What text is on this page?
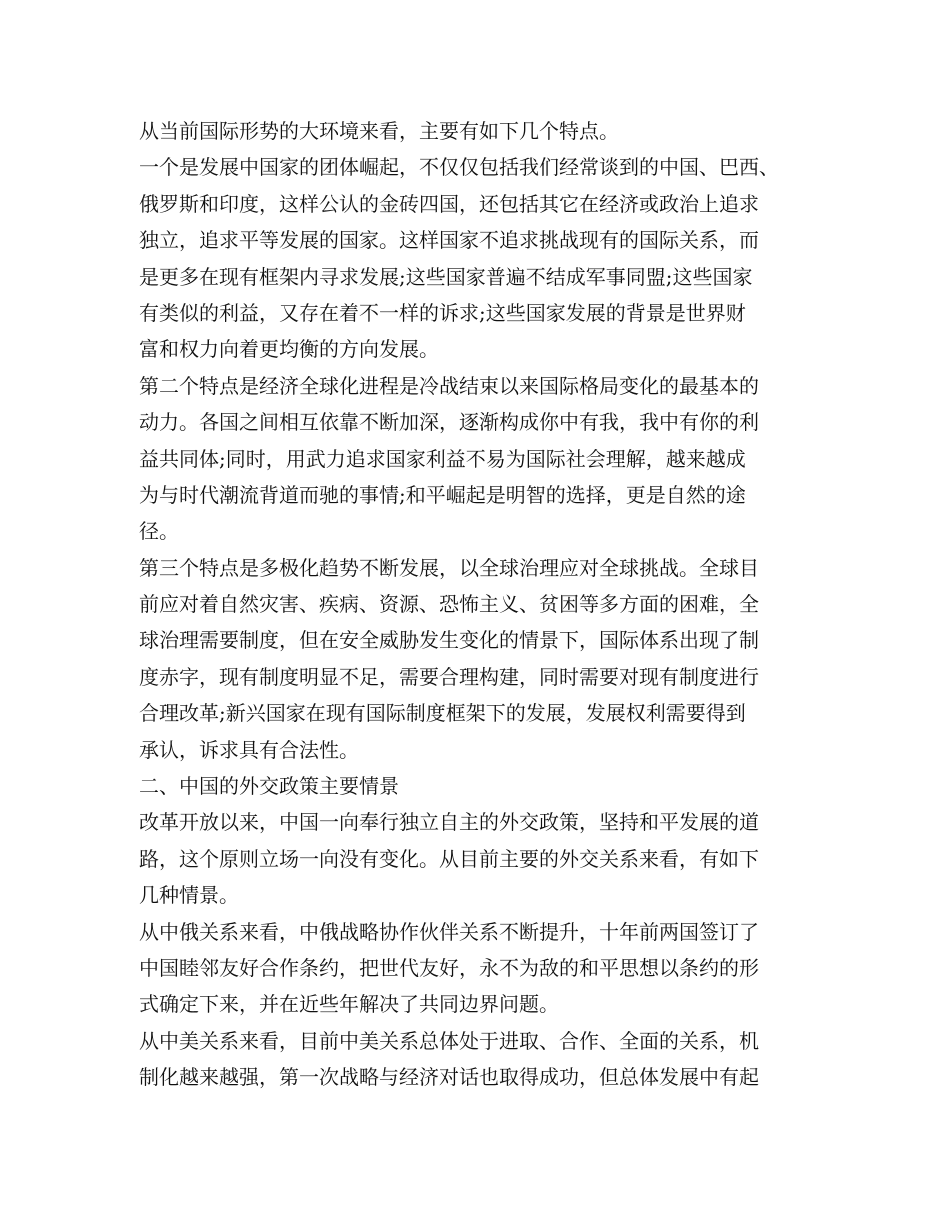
从当前国际形势的大环境来看，主要有如下几个特点。
一个是发展中国家的团体崛起，不仅仅包括我们经常谈到的中国、巴西、
俄罗斯和印度，这样公认的金砖四国，还包括其它在经济或政治上追求
独立，追求平等发展的国家。这样国家不追求挑战现有的国际关系，而
是更多在现有框架内寻求发展;这些国家普遍不结成军事同盟;这些国家
有类似的利益，又存在着不一样的诉求;这些国家发展的背景是世界财
富和权力向着更均衡的方向发展。
第二个特点是经济全球化进程是冷战结束以来国际格局变化的最基本的
动力。各国之间相互依靠不断加深，逐渐构成你中有我，我中有你的利
益共同体;同时，用武力追求国家利益不易为国际社会理解，越来越成
为与时代潮流背道而驰的事情;和平崛起是明智的选择，更是自然的途
径。
第三个特点是多极化趋势不断发展，以全球治理应对全球挑战。全球目
前应对着自然灾害、疾病、资源、恐怖主义、贫困等多方面的困难，全
球治理需要制度，但在安全威胁发生变化的情景下，国际体系出现了制
度赤字，现有制度明显不足，需要合理构建，同时需要对现有制度进行
合理改革;新兴国家在现有国际制度框架下的发展，发展权利需要得到
承认，诉求具有合法性。
二、中国的外交政策主要情景
改革开放以来，中国一向奉行独立自主的外交政策，坚持和平发展的道
路，这个原则立场一向没有变化。从目前主要的外交关系来看，有如下
几种情景。
从中俄关系来看，中俄战略协作伙伴关系不断提升，十年前两国签订了
中国睦邻友好合作条约，把世代友好，永不为敌的和平思想以条约的形
式确定下来，并在近些年解决了共同边界问题。
从中美关系来看，目前中美关系总体处于进取、合作、全面的关系，机
制化越来越强，第一次战略与经济对话也取得成功，但总体发展中有起
